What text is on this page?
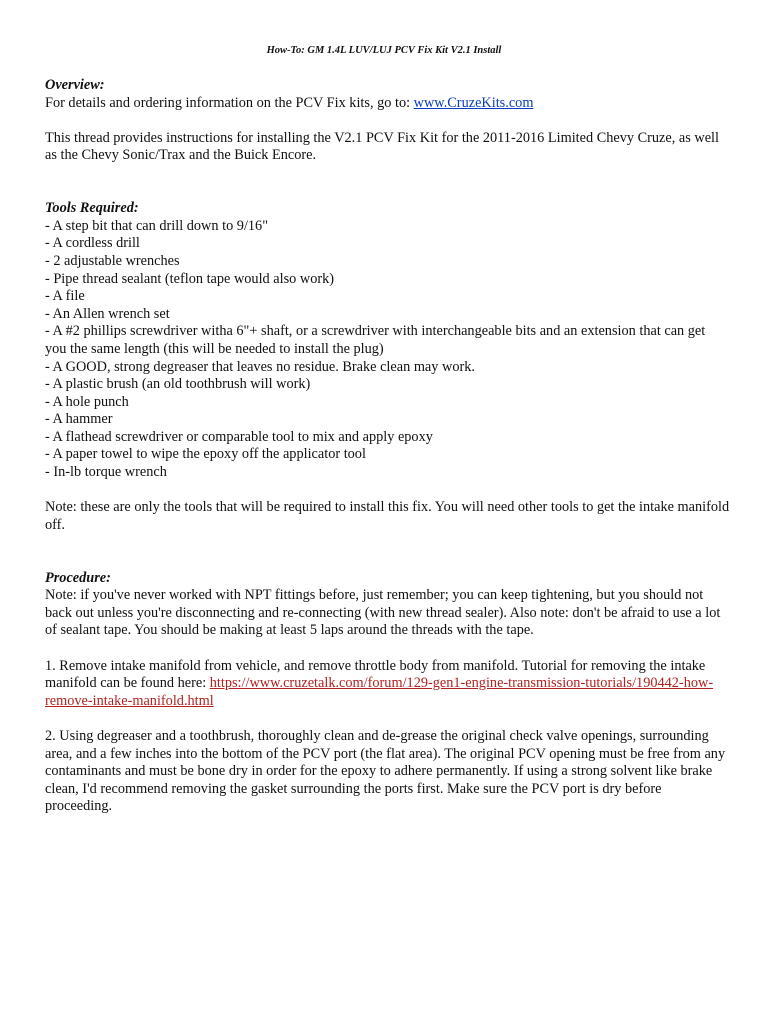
How-To: GM 1.4L LUV/LUJ PCV Fix Kit V2.1 Install

Overview:

For details and ordering information on the PCV Fix kits, go to: www.CruzeKits.com

This thread provides instructions for installing the V2.1 PCV Fix Kit for the 2011-2016 Limited Chevy Cruze, as well as the Chevy Sonic/Trax and the Buick Encore.

Tools Required:

- A step bit that can drill down to 9/16"

- A cordless drill

- 2 adjustable wrenches

- Pipe thread sealant (teflon tape would also work)

- A file

- An Allen wrench set

- A #2 phillips screwdriver witha 6"+ shaft, or a screwdriver with interchangeable bits and an extension that can get you the same length (this will be needed to install the plug)

- A GOOD, strong degreaser that leaves no residue. Brake clean may work.

- A plastic brush (an old toothbrush will work)

- A hole punch

- A hammer

- A flathead screwdriver or comparable tool to mix and apply epoxy

- A paper towel to wipe the epoxy off the applicator tool

- In-lb torque wrench

Note: these are only the tools that will be required to install this fix. You will need other tools to get the intake manifold off.

Procedure:

Note: if you've never worked with NPT fittings before, just remember; you can keep tightening, but you should not back out unless you're disconnecting and re-connecting (with new thread sealer). Also note: don't be afraid to use a lot of sealant tape. You should be making at least 5 laps around the threads with the tape.

1. Remove intake manifold from vehicle, and remove throttle body from manifold. Tutorial for removing the intake manifold can be found here: https://www.cruzetalk.com/forum/129-gen1-engine-transmission-tutorials/190442-how-remove-intake-manifold.html

2. Using degreaser and a toothbrush, thoroughly clean and de-grease the original check valve openings, surrounding area, and a few inches into the bottom of the PCV port (the flat area). The original PCV opening must be free from any contaminants and must be bone dry in order for the epoxy to adhere permanently. If using a strong solvent like brake clean, I'd recommend removing the gasket surrounding the ports first. Make sure the PCV port is dry before proceeding.
